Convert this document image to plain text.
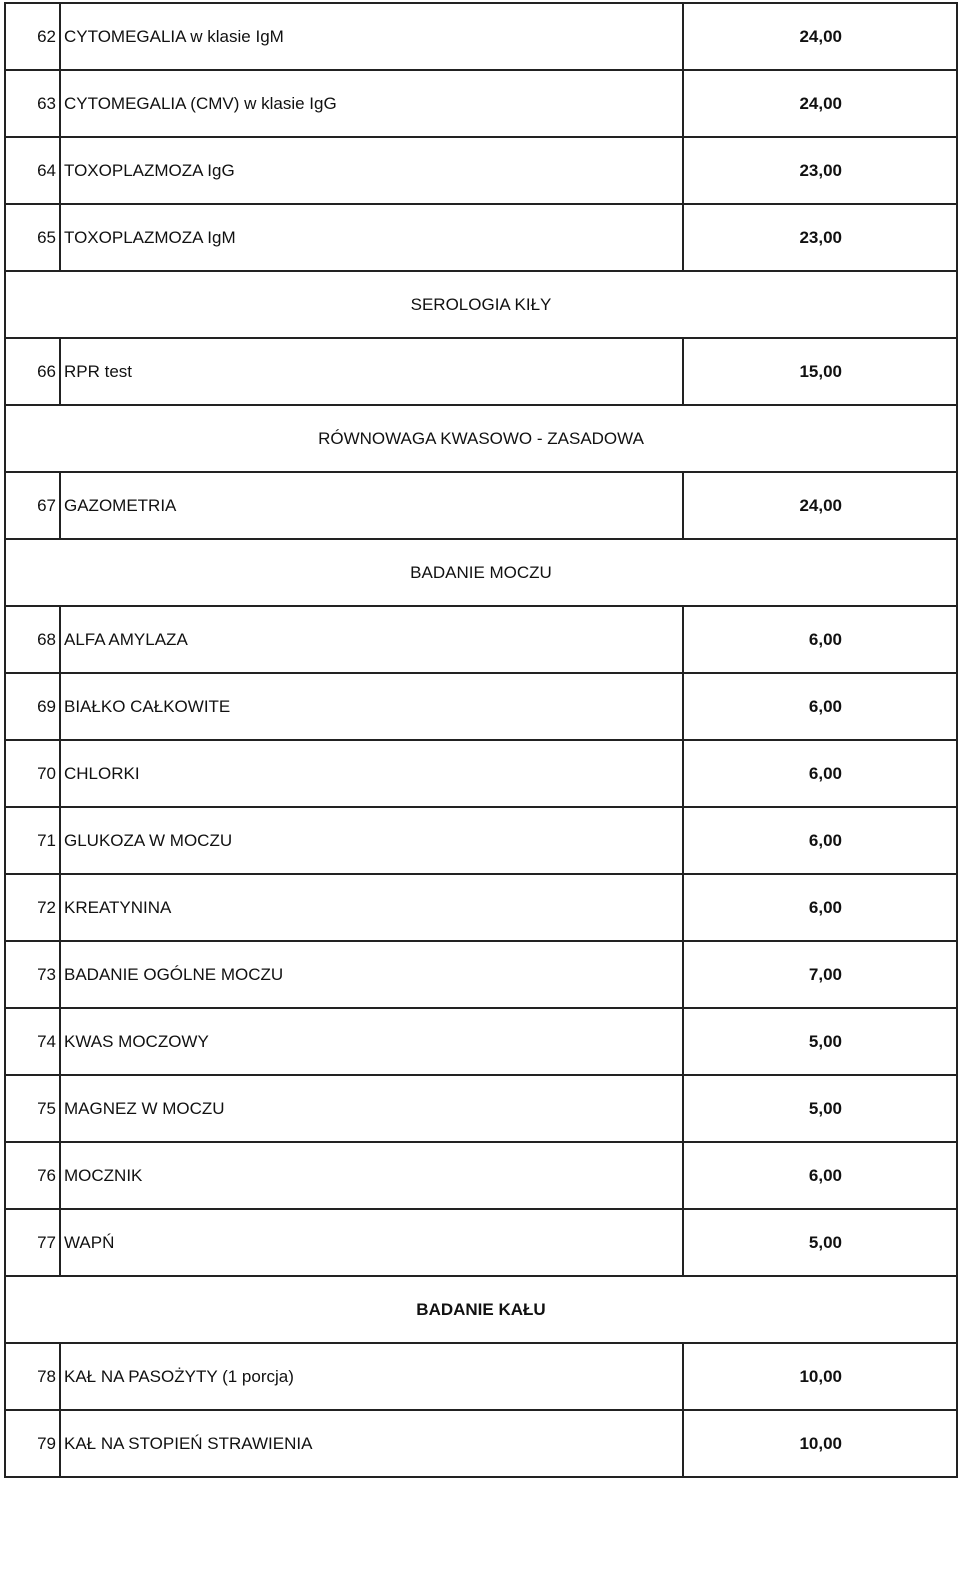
62	CYTOMEGALIA w klasie IgM	24,00
63	CYTOMEGALIA (CMV) w klasie IgG	24,00
64	TOXOPLAZMOZA IgG	23,00
65	TOXOPLAZMOZA IgM	23,00
SEROLOGIA KIŁY		
66	RPR test	15,00
RÓWNOWAGA KWASOWO - ZASADOWA		
67	GAZOMETRIA	24,00
BADANIE MOCZU		
68	ALFA AMYLAZA	6,00
69	BIAŁKO CAŁKOWITE	6,00
70	CHLORKI	6,00
71	GLUKOZA W MOCZU	6,00
72	KREATYNINA	6,00
73	BADANIE OGÓLNE MOCZU	7,00
74	KWAS MOCZOWY	5,00
75	MAGNEZ W MOCZU	5,00
76	MOCZNIK	6,00
77	WAPŃ	5,00
BADANIE KAŁU		
78	KAŁ NA PASOŻYTY (1 porcja)	10,00
79	KAŁ NA STOPIEŃ STRAWIENIA	10,00
